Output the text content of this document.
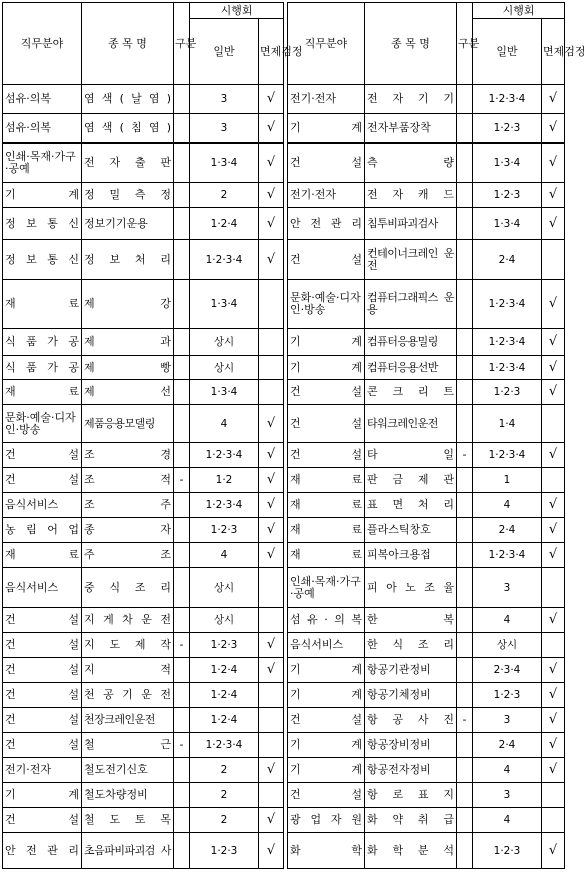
직무분야	종 목 명	구분	시행회	
			일반	면제검정
섬유·의복	염 색 ( 날 염 )		3	√
섬유·의복	염 색 ( 침 염 )		3	√
인쇄·목재·가구·공예	전 자 출 판		1·3·4	√
기 계	정 밀 측 정		2	√
정 보 통 신	정보기기운용		1·2·4	√
정 보 통 신	정 보 처 리		1·2·3·4	√
재 료	제 강		1·3·4	
식 품 가 공	제 과		상시	
식 품 가 공	제 빵		상시	
재 료	제 선		1·3·4	
문화·예술·디자인·방송	제품응용모델링		4	√
건 설	조 경		1·2·3·4	√
건 설	조 적	-	1·2	√
음식서비스	조 주		1·2·3·4	√
농 림 어 업	종 자		1·2·3	√
재 료	주 조		4	√
음식서비스	중 식 조 리		상시	
건 설	지 게 차 운 전		상시	
건 설	지 도 제 작	-	1·2·3	√
건 설	지 적		1·2·4	√
건 설	천 공 기 운 전		1·2·4	
건 설	천장크레인운전		1·2·4	
건 설	철 근	-	1·2·3·4	
전기·전자	철도전기신호		2	√
기 계	철도차량정비		2	
건 설	철 도 토 목		2	√
안 전 관 리	초음파비파괴검 사		1·2·3	√
직무분야	종 목 명	구분	시행회	
			일반	면제검정
전기·전자	전 자 기 기		1·2·3·4	√
기 계	전자부품장착		1·2·3	√
건 설	측 량		1·3·4	√
전기·전자	전 자 캐 드		1·2·3	√
안 전 관 리	침투비파괴검사		1·3·4	√
건 설	컨테이너크레인 운 전		2·4	
문화·예술·디자인·방송	컴퓨터그래픽스 운 용		1·2·3·4	√
기 계	컴퓨터응용밀링		1·2·3·4	√
기 계	컴퓨터응용선반		1·2·3·4	√
건 설	콘 크 리 트		1·2·3	√
건 설	타워크레인운전		1·4	
건 설	타 일	-	1·2·3·4	√
재 료	판 금 제 관		1	
재 료	표 면 처 리		4	√
재 료	플라스틱창호		2·4	√
재 료	피복아크용접		1·2·3·4	√
인쇄·목재·가구·공예	피 아 노 조 율		3	
섬 유 · 의 복	한 복		4	√
음식서비스	한 식 조 리		상시	
기 계	항공기관정비		2·3·4	√
기 계	항공기체정비		1·2·3	√
건 설	항 공 사 진	-	3	√
기 계	항공장비정비		2·4	√
기 계	항공전자정비		4	√
건 설	항 로 표 지		3	
광 업 자 원	화 약 취 급		4	
화 학	화 학 분 석		1·2·3	√
